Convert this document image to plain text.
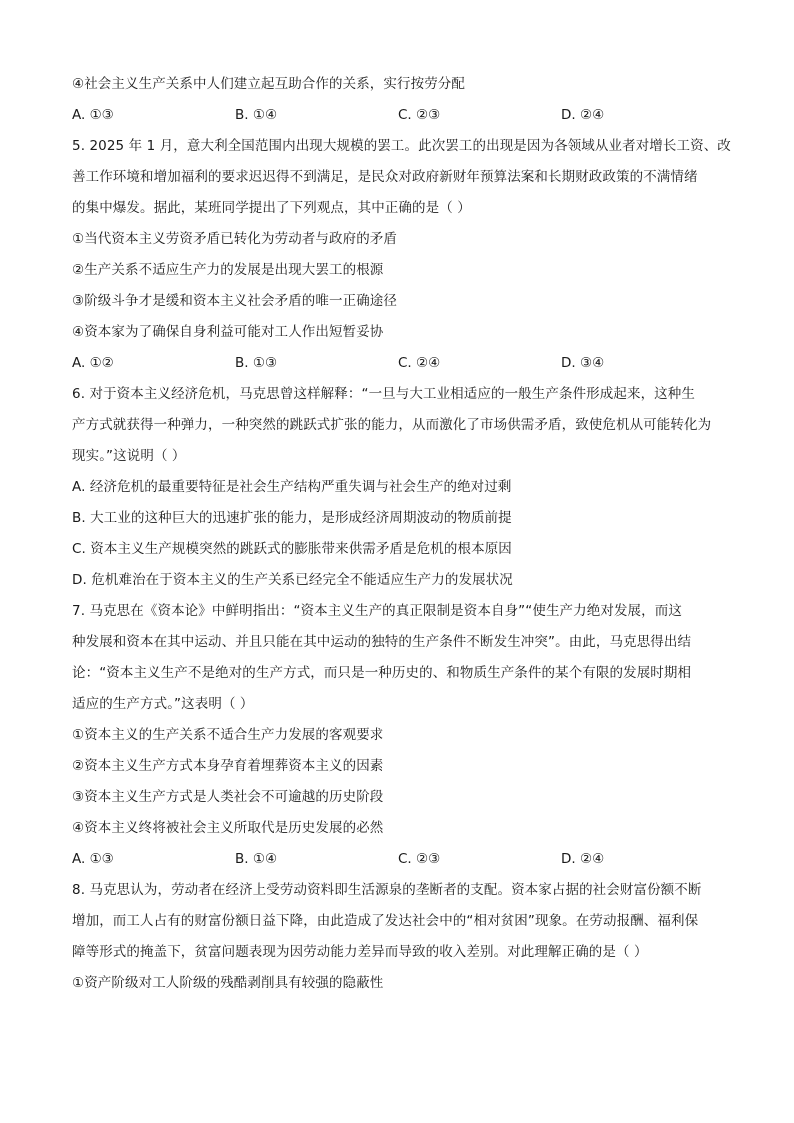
④社会主义生产关系中人们建立起互助合作的关系，实行按劳分配
A. ①③	B. ①④	C. ②③	D. ②④
5. 2025 年 1 月，意大利全国范围内出现大规模的罢工。此次罢工的出现是因为各领域从业者对增长工资、改
善工作环境和增加福利的要求迟迟得不到满足，是民众对政府新财年预算法案和长期财政政策的不满情绪
的集中爆发。据此，某班同学提出了下列观点，其中正确的是（ ）
①当代资本主义劳资矛盾已转化为劳动者与政府的矛盾
②生产关系不适应生产力的发展是出现大罢工的根源
③阶级斗争才是缓和资本主义社会矛盾的唯一正确途径
④资本家为了确保自身利益可能对工人作出短暂妥协
A. ①②	B. ①③	C. ②④	D. ③④
6. 对于资本主义经济危机，马克思曾这样解释：“一旦与大工业相适应的一般生产条件形成起来，这种生
产方式就获得一种弹力，一种突然的跳跃式扩张的能力，从而激化了市场供需矛盾，致使危机从可能转化为
现实。”这说明（ ）
A. 经济危机的最重要特征是社会生产结构严重失调与社会生产的绝对过剩
B. 大工业的这种巨大的迅速扩张的能力，是形成经济周期波动的物质前提
C. 资本主义生产规模突然的跳跃式的膨胀带来供需矛盾是危机的根本原因
D. 危机难治在于资本主义的生产关系已经完全不能适应生产力的发展状况
7. 马克思在《资本论》中鲜明指出：“资本主义生产的真正限制是资本自身”“使生产力绝对发展，而这
种发展和资本在其中运动、并且只能在其中运动的独特的生产条件不断发生冲突”。由此，马克思得出结
论：“资本主义生产不是绝对的生产方式，而只是一种历史的、和物质生产条件的某个有限的发展时期相
适应的生产方式。”这表明（ ）
①资本主义的生产关系不适合生产力发展的客观要求
②资本主义生产方式本身孕育着埋葬资本主义的因素
③资本主义生产方式是人类社会不可逾越的历史阶段
④资本主义终将被社会主义所取代是历史发展的必然
A. ①③	B. ①④	C. ②③	D. ②④
8. 马克思认为，劳动者在经济上受劳动资料即生活源泉的垄断者的支配。资本家占据的社会财富份额不断
增加，而工人占有的财富份额日益下降，由此造成了发达社会中的“相对贫困”现象。在劳动报酬、福利保
障等形式的掩盖下，贫富问题表现为因劳动能力差异而导致的收入差别。对此理解正确的是（ ）
①资产阶级对工人阶级的残酷剥削具有较强的隐蔽性
